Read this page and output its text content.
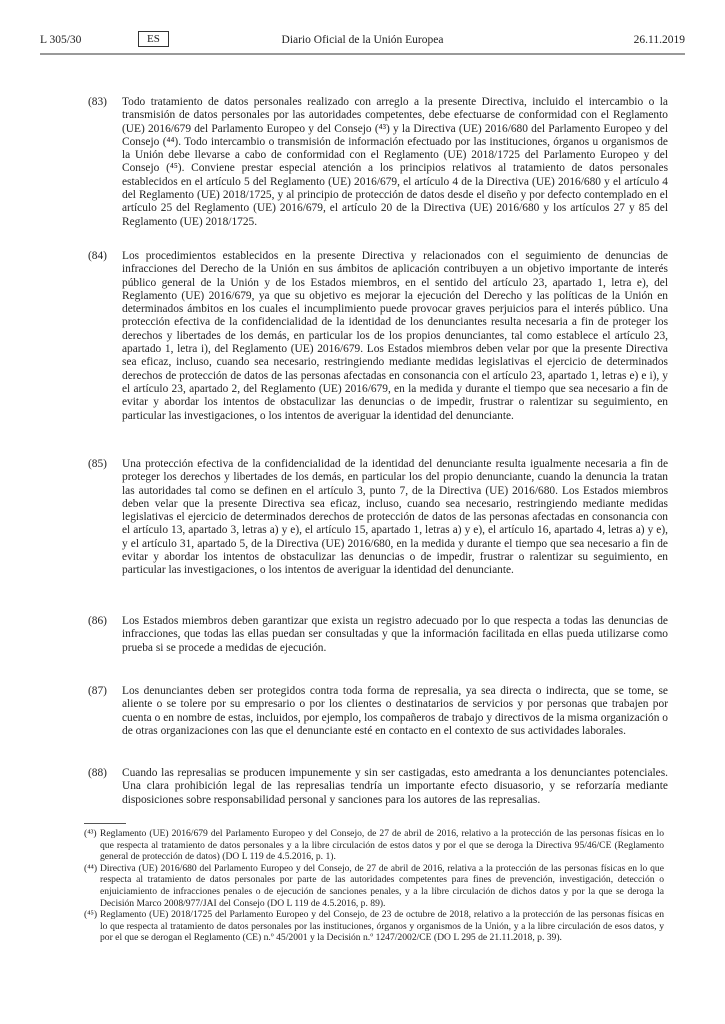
L 305/30	ES	Diario Oficial de la Unión Europea	26.11.2019
(83) Todo tratamiento de datos personales realizado con arreglo a la presente Directiva, incluido el intercambio o la transmisión de datos personales por las autoridades competentes, debe efectuarse de conformidad con el Reglamento (UE) 2016/679 del Parlamento Europeo y del Consejo (⁴³) y la Directiva (UE) 2016/680 del Parlamento Europeo y del Consejo (⁴⁴). Todo intercambio o transmisión de información efectuado por las instituciones, órganos u organismos de la Unión debe llevarse a cabo de conformidad con el Reglamento (UE) 2018/1725 del Parlamento Europeo y del Consejo (⁴⁵). Conviene prestar especial atención a los principios relativos al tratamiento de datos personales establecidos en el artículo 5 del Reglamento (UE) 2016/679, el artículo 4 de la Directiva (UE) 2016/680 y el artículo 4 del Reglamento (UE) 2018/1725, y al principio de protección de datos desde el diseño y por defecto contemplado en el artículo 25 del Reglamento (UE) 2016/679, el artículo 20 de la Directiva (UE) 2016/680 y los artículos 27 y 85 del Reglamento (UE) 2018/1725.
(84) Los procedimientos establecidos en la presente Directiva y relacionados con el seguimiento de denuncias de infracciones del Derecho de la Unión en sus ámbitos de aplicación contribuyen a un objetivo importante de interés público general de la Unión y de los Estados miembros, en el sentido del artículo 23, apartado 1, letra e), del Reglamento (UE) 2016/679, ya que su objetivo es mejorar la ejecución del Derecho y las políticas de la Unión en determinados ámbitos en los cuales el incumplimiento puede provocar graves perjuicios para el interés público. Una protección efectiva de la confidencialidad de la identidad de los denunciantes resulta necesaria a fin de proteger los derechos y libertades de los demás, en particular los de los propios denunciantes, tal como establece el artículo 23, apartado 1, letra i), del Reglamento (UE) 2016/679. Los Estados miembros deben velar por que la presente Directiva sea eficaz, incluso, cuando sea necesario, restringiendo mediante medidas legislativas el ejercicio de determinados derechos de protección de datos de las personas afectadas en consonancia con el artículo 23, apartado 1, letras e) e i), y el artículo 23, apartado 2, del Reglamento (UE) 2016/679, en la medida y durante el tiempo que sea necesario a fin de evitar y abordar los intentos de obstaculizar las denuncias o de impedir, frustrar o ralentizar su seguimiento, en particular las investigaciones, o los intentos de averiguar la identidad del denunciante.
(85) Una protección efectiva de la confidencialidad de la identidad del denunciante resulta igualmente necesaria a fin de proteger los derechos y libertades de los demás, en particular los del propio denunciante, cuando la denuncia la tratan las autoridades tal como se definen en el artículo 3, punto 7, de la Directiva (UE) 2016/680. Los Estados miembros deben velar que la presente Directiva sea eficaz, incluso, cuando sea necesario, restringiendo mediante medidas legislativas el ejercicio de determinados derechos de protección de datos de las personas afectadas en consonancia con el artículo 13, apartado 3, letras a) y e), el artículo 15, apartado 1, letras a) y e), el artículo 16, apartado 4, letras a) y e), y el artículo 31, apartado 5, de la Directiva (UE) 2016/680, en la medida y durante el tiempo que sea necesario a fin de evitar y abordar los intentos de obstaculizar las denuncias o de impedir, frustrar o ralentizar su seguimiento, en particular las investigaciones, o los intentos de averiguar la identidad del denunciante.
(86) Los Estados miembros deben garantizar que exista un registro adecuado por lo que respecta a todas las denuncias de infracciones, que todas las ellas puedan ser consultadas y que la información facilitada en ellas pueda utilizarse como prueba si se procede a medidas de ejecución.
(87) Los denunciantes deben ser protegidos contra toda forma de represalia, ya sea directa o indirecta, que se tome, se aliente o se tolere por su empresario o por los clientes o destinatarios de servicios y por personas que trabajen por cuenta o en nombre de estas, incluidos, por ejemplo, los compañeros de trabajo y directivos de la misma organización o de otras organizaciones con las que el denunciante esté en contacto en el contexto de sus actividades laborales.
(88) Cuando las represalias se producen impunemente y sin ser castigadas, esto amedranta a los denunciantes potenciales. Una clara prohibición legal de las represalias tendría un importante efecto disuasorio, y se reforzaría mediante disposiciones sobre responsabilidad personal y sanciones para los autores de las represalias.
(⁴³) Reglamento (UE) 2016/679 del Parlamento Europeo y del Consejo, de 27 de abril de 2016, relativo a la protección de las personas físicas en lo que respecta al tratamiento de datos personales y a la libre circulación de estos datos y por el que se deroga la Directiva 95/46/CE (Reglamento general de protección de datos) (DO L 119 de 4.5.2016, p. 1).
(⁴⁴) Directiva (UE) 2016/680 del Parlamento Europeo y del Consejo, de 27 de abril de 2016, relativa a la protección de las personas físicas en lo que respecta al tratamiento de datos personales por parte de las autoridades competentes para fines de prevención, investigación, detección o enjuiciamiento de infracciones penales o de ejecución de sanciones penales, y a la libre circulación de dichos datos y por la que se deroga la Decisión Marco 2008/977/JAI del Consejo (DO L 119 de 4.5.2016, p. 89).
(⁴⁵) Reglamento (UE) 2018/1725 del Parlamento Europeo y del Consejo, de 23 de octubre de 2018, relativo a la protección de las personas físicas en lo que respecta al tratamiento de datos personales por las instituciones, órganos y organismos de la Unión, y a la libre circulación de esos datos, y por el que se derogan el Reglamento (CE) n.º 45/2001 y la Decisión n.º 1247/2002/CE (DO L 295 de 21.11.2018, p. 39).
